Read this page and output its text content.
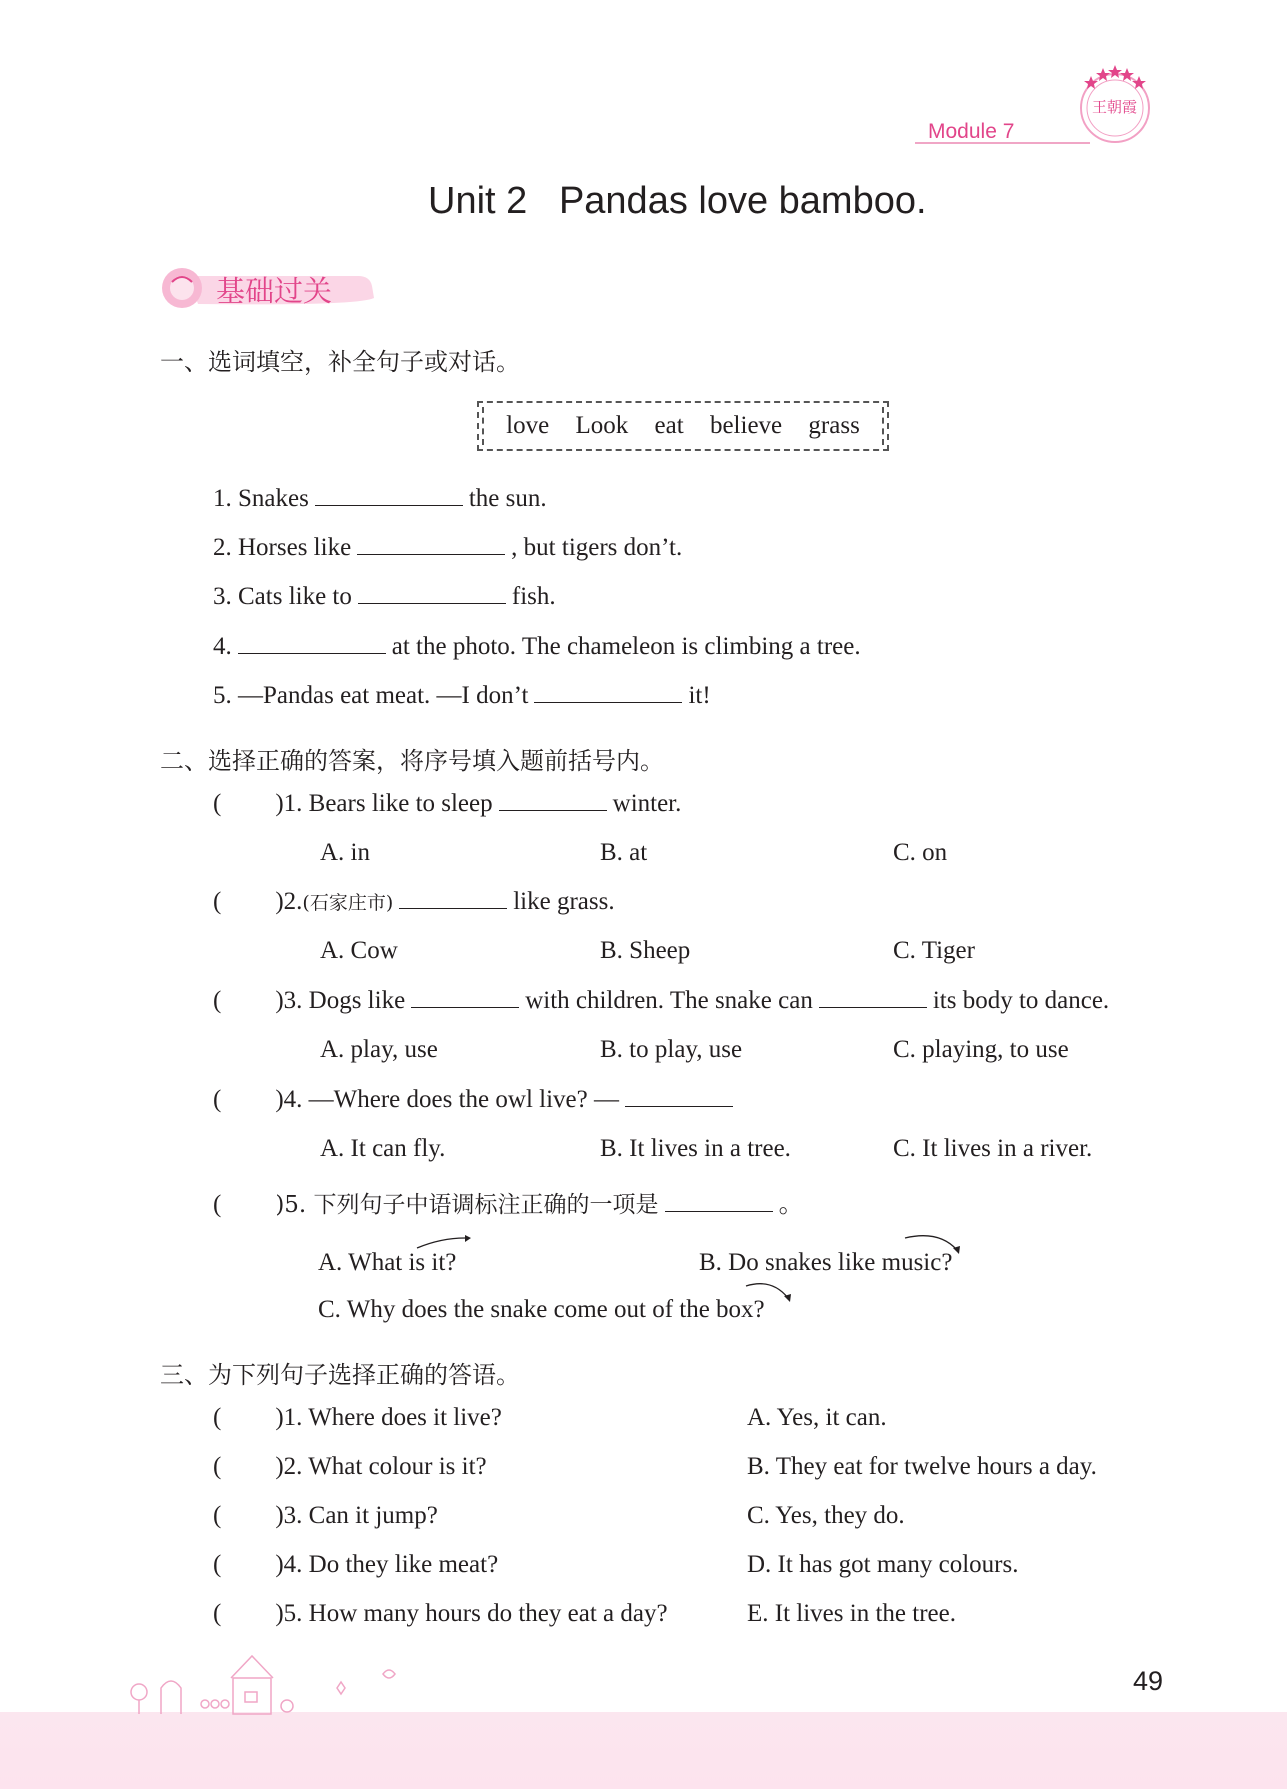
Module 7
王朝霞
Unit 2   Pandas love bamboo.
基础过关
一、选词填空，补全句子或对话。
love Look eat believe grass
1. Snakes	the sun.
2. Horses like	, but tigers don’t.
3. Cats like to	fish.
4.	at the photo. The chameleon is climbing a tree.
5. —Pandas eat meat. —I don’t	it!
二、选择正确的答案，将序号填入题前括号内。
( )1. Bears like to sleep	winter.
A. in	B. at	C. on
( )2.(石家庄市)	like grass.
A. Cow	B. Sheep	C. Tiger
( )3. Dogs like	with children. The snake can	its body to dance.
A. play, use	B. to play, use	C. playing, to use
( )4. —Where does the owl live? —
A. It can fly.	B. It lives in a tree.	C. It lives in a river.
( )5. 下列句子中语调标注正确的一项是	。
A. What is it?	B. Do snakes like music?
C. Why does the snake come out of the box?
三、为下列句子选择正确的答语。
( )1. Where does it live?
( )2. What colour is it?
( )3. Can it jump?
( )4. Do they like meat?
( )5. How many hours do they eat a day?
A. Yes, it can.
B. They eat for twelve hours a day.
C. Yes, they do.
D. It has got many colours.
E. It lives in the tree.
49
